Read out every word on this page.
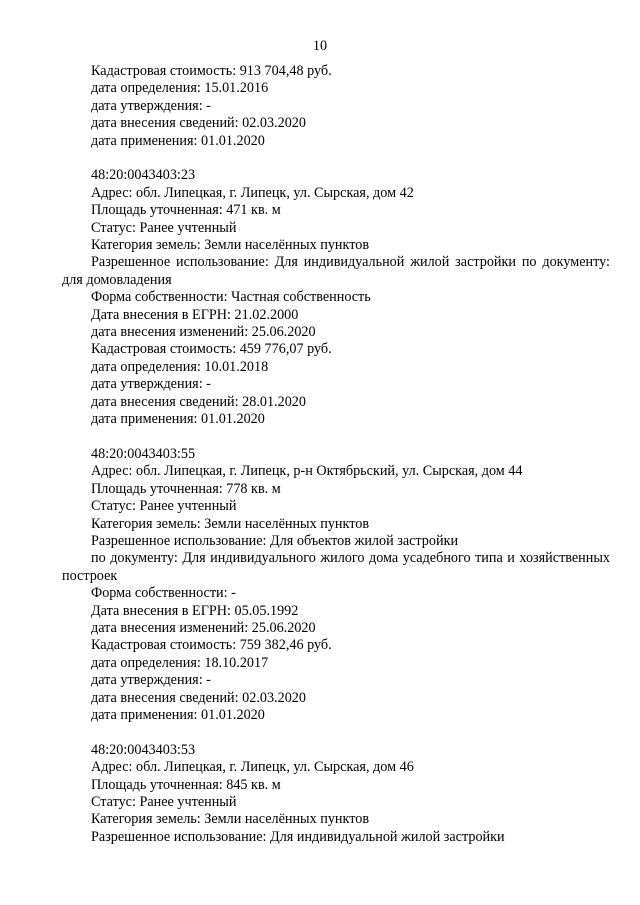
10
Кадастровая стоимость: 913 704,48 руб.
дата определения: 15.01.2016
дата утверждения: -
дата внесения сведений: 02.03.2020
дата применения: 01.01.2020
48:20:0043403:23
Адрес: обл. Липецкая, г. Липецк, ул. Сырская, дом 42
Площадь уточненная: 471 кв. м
Статус: Ранее учтенный
Категория земель: Земли населённых пунктов
Разрешенное использование: Для индивидуальной жилой застройки по документу: для домовладения
Форма собственности: Частная собственность
Дата внесения в ЕГРН: 21.02.2000
дата внесения изменений: 25.06.2020
Кадастровая стоимость: 459 776,07 руб.
дата определения: 10.01.2018
дата утверждения: -
дата внесения сведений: 28.01.2020
дата применения: 01.01.2020
48:20:0043403:55
Адрес: обл. Липецкая, г. Липецк, р-н Октябрьский, ул. Сырская, дом 44
Площадь уточненная: 778 кв. м
Статус: Ранее учтенный
Категория земель: Земли населённых пунктов
Разрешенное использование: Для объектов жилой застройки
по документу: Для индивидуального жилого дома усадебного типа и хозяйственных построек
Форма собственности: -
Дата внесения в ЕГРН: 05.05.1992
дата внесения изменений: 25.06.2020
Кадастровая стоимость: 759 382,46 руб.
дата определения: 18.10.2017
дата утверждения: -
дата внесения сведений: 02.03.2020
дата применения: 01.01.2020
48:20:0043403:53
Адрес: обл. Липецкая, г. Липецк, ул. Сырская, дом 46
Площадь уточненная: 845 кв. м
Статус: Ранее учтенный
Категория земель: Земли населённых пунктов
Разрешенное использование: Для индивидуальной жилой застройки
